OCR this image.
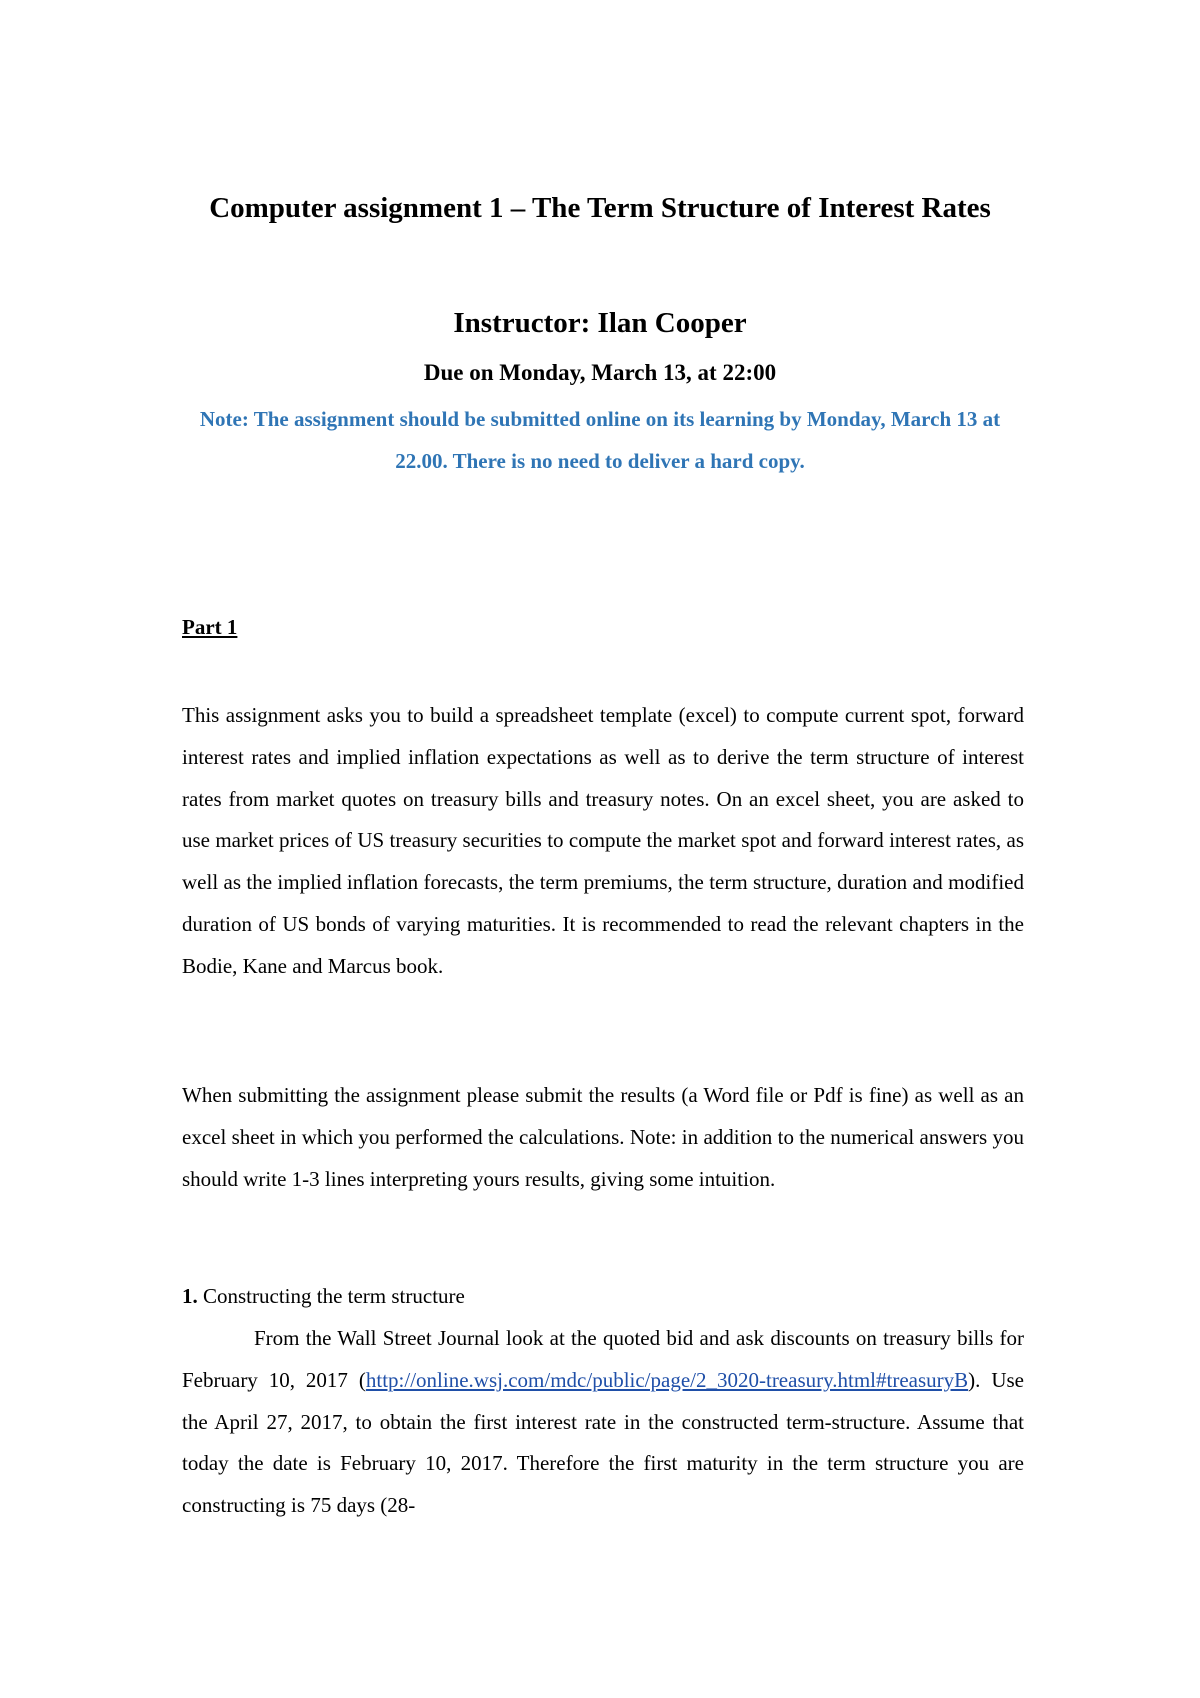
Computer assignment 1 – The Term Structure of Interest Rates
Instructor: Ilan Cooper
Due on Monday, March 13, at 22:00
Note: The assignment should be submitted online on its learning by Monday, March 13 at 22.00. There is no need to deliver a hard copy.
Part 1

This assignment asks you to build a spreadsheet template (excel) to compute current spot, forward interest rates and implied inflation expectations as well as to derive the term structure of interest rates from market quotes on treasury bills and treasury notes. On an excel sheet, you are asked to use market prices of US treasury securities to compute the market spot and forward interest rates, as well as the implied inflation forecasts, the term premiums, the term structure, duration and modified duration of US bonds of varying maturities. It is recommended to read the relevant chapters in the Bodie, Kane and Marcus book.

When submitting the assignment please submit the results (a Word file or Pdf is fine) as well as an excel sheet in which you performed the calculations. Note: in addition to the numerical answers you should write 1-3 lines interpreting yours results, giving some intuition.

1. Constructing the term structure

From the Wall Street Journal look at the quoted bid and ask discounts on treasury bills for February 10, 2017 (http://online.wsj.com/mdc/public/page/2_3020-treasury.html#treasuryB). Use the April 27, 2017, to obtain the first interest rate in the constructed term-structure. Assume that today the date is February 10, 2017. Therefore the first maturity in the term structure you are constructing is 75 days (28-
